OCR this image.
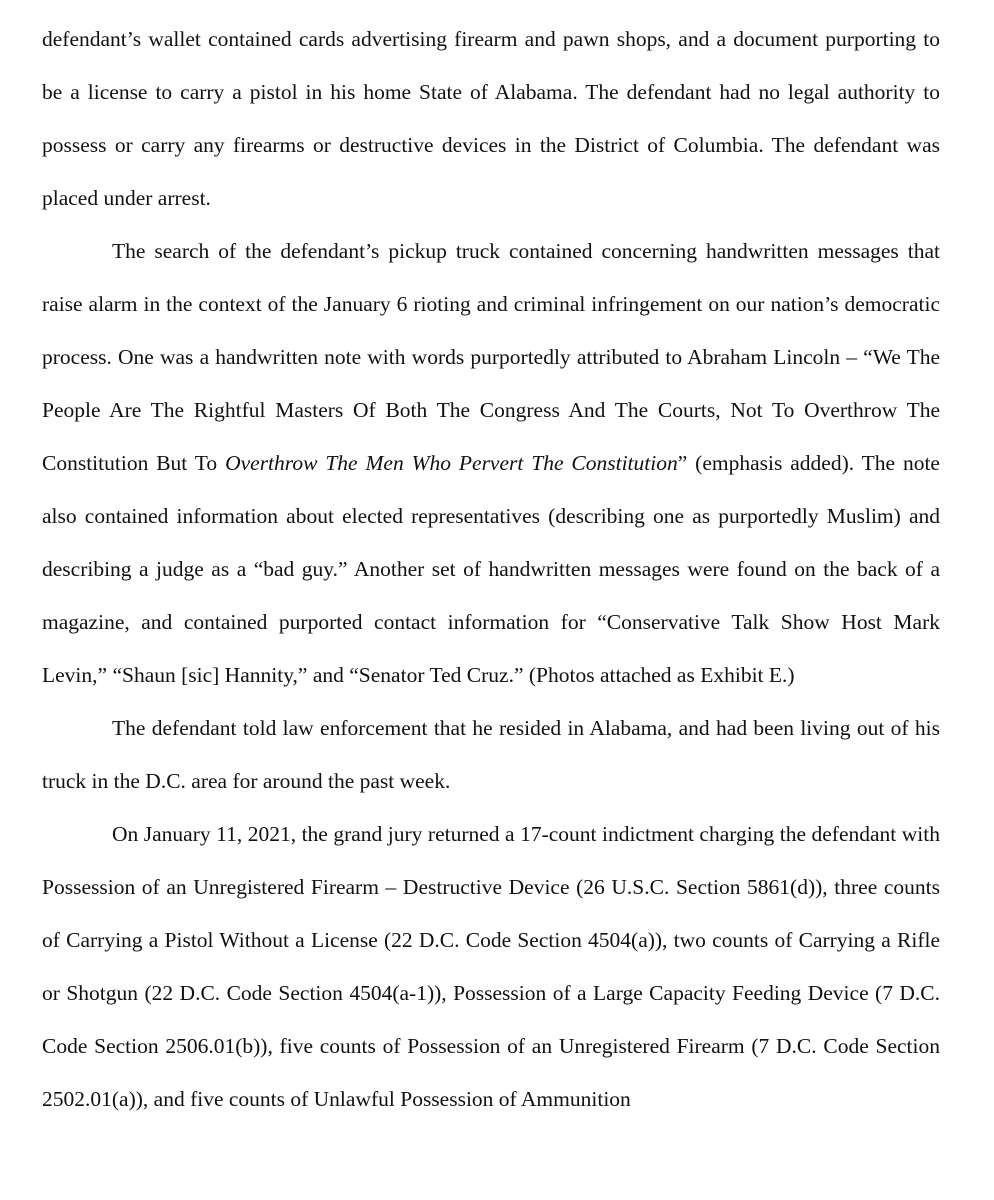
defendant’s wallet contained cards advertising firearm and pawn shops, and a document purporting to be a license to carry a pistol in his home State of Alabama. The defendant had no legal authority to possess or carry any firearms or destructive devices in the District of Columbia. The defendant was placed under arrest.

The search of the defendant’s pickup truck contained concerning handwritten messages that raise alarm in the context of the January 6 rioting and criminal infringement on our nation’s democratic process. One was a handwritten note with words purportedly attributed to Abraham Lincoln – “We The People Are The Rightful Masters Of Both The Congress And The Courts, Not To Overthrow The Constitution But To Overthrow The Men Who Pervert The Constitution” (emphasis added). The note also contained information about elected representatives (describing one as purportedly Muslim) and describing a judge as a “bad guy.” Another set of handwritten messages were found on the back of a magazine, and contained purported contact information for “Conservative Talk Show Host Mark Levin,” “Shaun [sic] Hannity,” and “Senator Ted Cruz.” (Photos attached as Exhibit E.)

The defendant told law enforcement that he resided in Alabama, and had been living out of his truck in the D.C. area for around the past week.

On January 11, 2021, the grand jury returned a 17-count indictment charging the defendant with Possession of an Unregistered Firearm – Destructive Device (26 U.S.C. Section 5861(d)), three counts of Carrying a Pistol Without a License (22 D.C. Code Section 4504(a)), two counts of Carrying a Rifle or Shotgun (22 D.C. Code Section 4504(a-1)), Possession of a Large Capacity Feeding Device (7 D.C. Code Section 2506.01(b)), five counts of Possession of an Unregistered Firearm (7 D.C. Code Section 2502.01(a)), and five counts of Unlawful Possession of Ammunition
